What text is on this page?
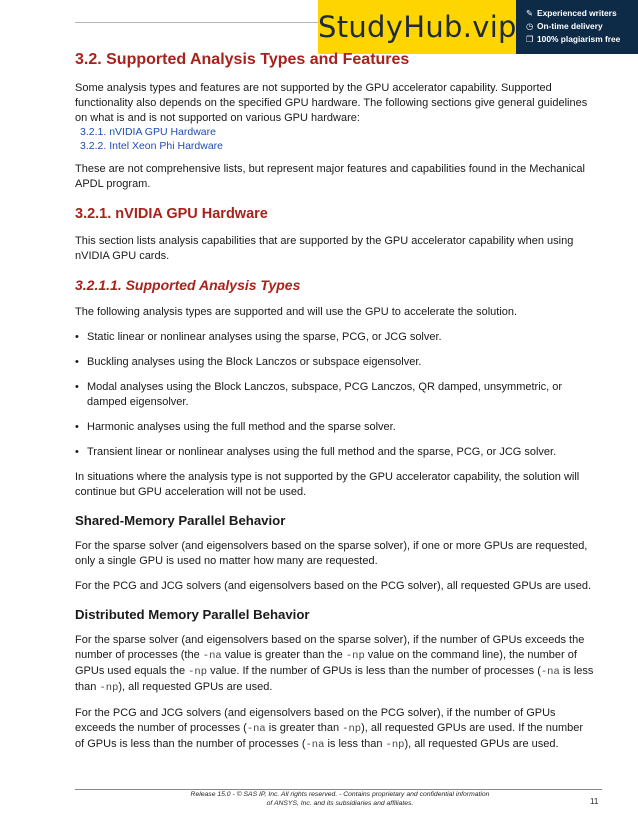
StudyHub.vip ✎ Experienced writers
◷ On-time delivery
❐ 100% plagiarism free
3.2. Supported Analysis Types and Features

Some analysis types and features are not supported by the GPU accelerator capability. Supported functionality also depends on the specified GPU hardware. The following sections give general guidelines on what is and is not supported on various GPU hardware:

3.2.1. nVIDIA GPU Hardware
3.2.2. Intel Xeon Phi Hardware

These are not comprehensive lists, but represent major features and capabilities found in the Mechanical APDL program.

3.2.1. nVIDIA GPU Hardware

This section lists analysis capabilities that are supported by the GPU accelerator capability when using nVIDIA GPU cards.

3.2.1.1. Supported Analysis Types

The following analysis types are supported and will use the GPU to accelerate the solution.

• Static linear or nonlinear analyses using the sparse, PCG, or JCG solver.
• Buckling analyses using the Block Lanczos or subspace eigensolver.
• Modal analyses using the Block Lanczos, subspace, PCG Lanczos, QR damped, unsymmetric, or damped eigensolver.
• Harmonic analyses using the full method and the sparse solver.
• Transient linear or nonlinear analyses using the full method and the sparse, PCG, or JCG solver.

In situations where the analysis type is not supported by the GPU accelerator capability, the solution will continue but GPU acceleration will not be used.

Shared-Memory Parallel Behavior

For the sparse solver (and eigensolvers based on the sparse solver), if one or more GPUs are requested, only a single GPU is used no matter how many are requested.

For the PCG and JCG solvers (and eigensolvers based on the PCG solver), all requested GPUs are used.

Distributed Memory Parallel Behavior

For the sparse solver (and eigensolvers based on the sparse solver), if the number of GPUs exceeds the number of processes (the -na value is greater than the -np value on the command line), the number of GPUs used equals the -np value. If the number of GPUs is less than the number of processes (-na is less than -np), all requested GPUs are used.

For the PCG and JCG solvers (and eigensolvers based on the PCG solver), if the number of GPUs exceeds the number of processes (-na is greater than -np), all requested GPUs are used. If the number of GPUs is less than the number of processes (-na is less than -np), all requested GPUs are used.

Release 15.0 - © SAS IP, Inc. All rights reserved. - Contains proprietary and confidential information
of ANSYS, Inc. and its subsidiaries and affiliates.	11
